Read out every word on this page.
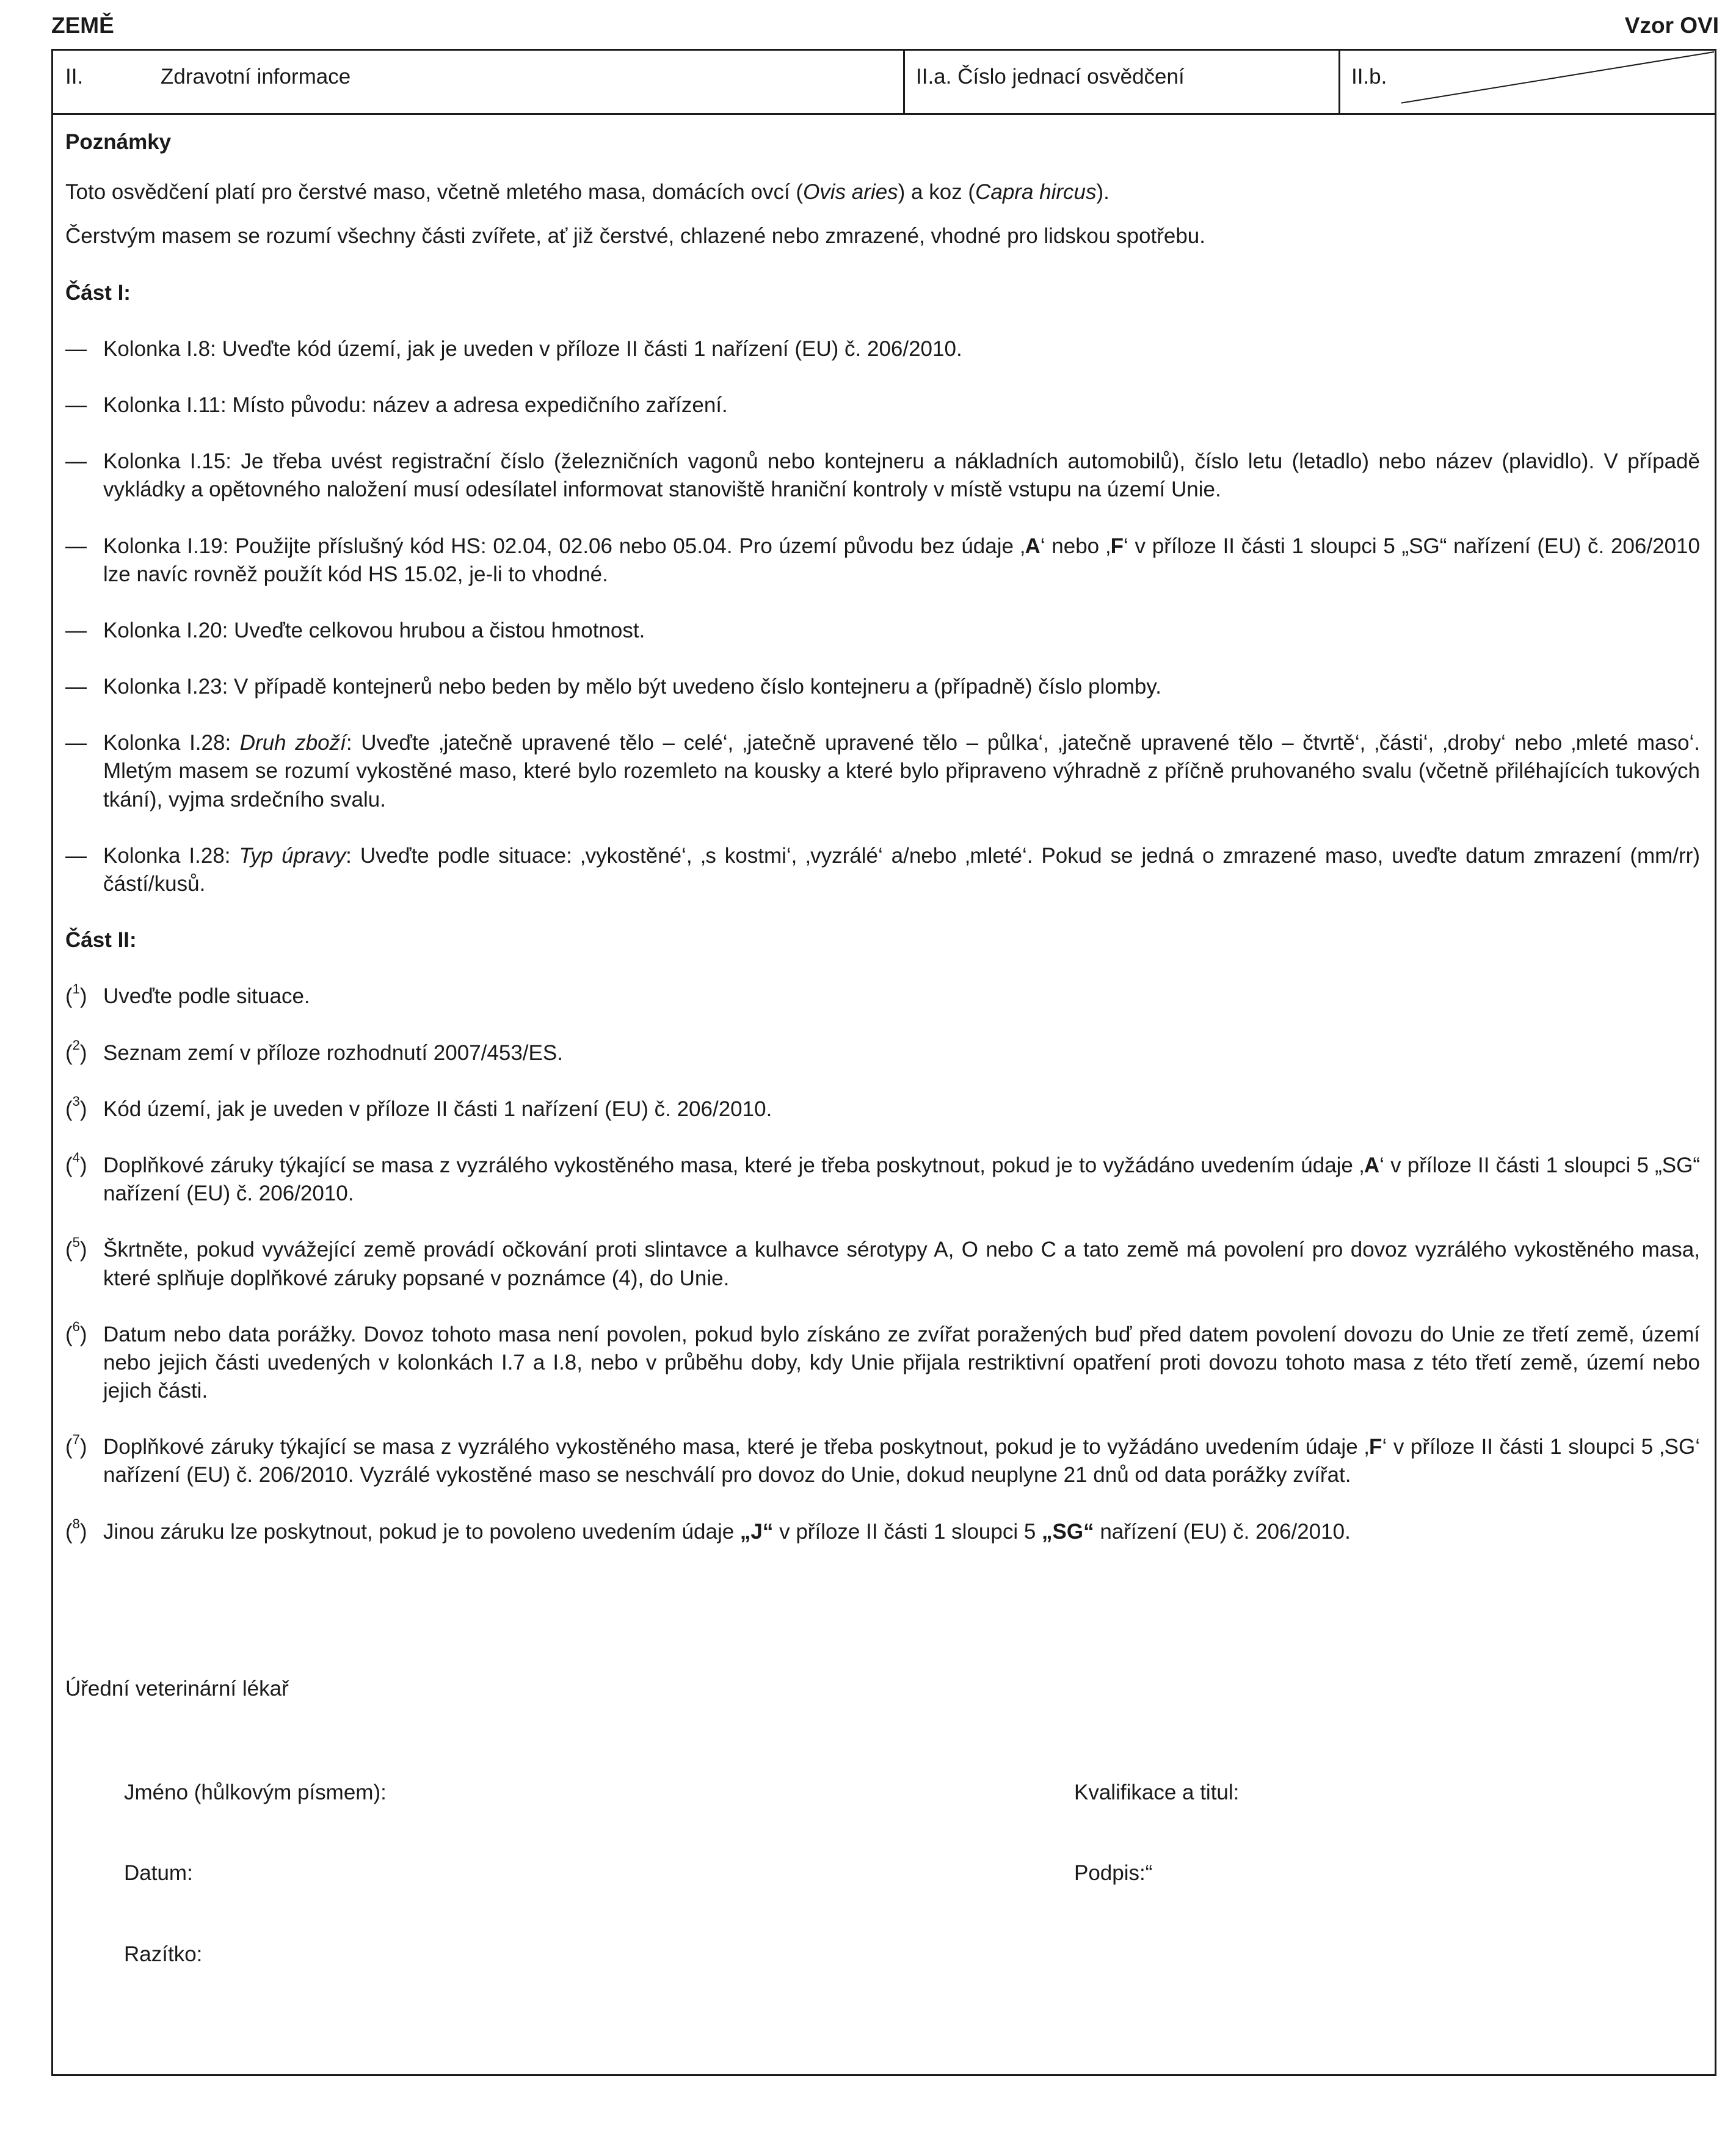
ZEMĚ	Vzor OVI
II.	Zdravotní informace	II.a. Číslo jednací osvědčení	II.b.

Poznámky

Toto osvědčení platí pro čerstvé maso, včetně mletého masa, domácích ovcí (Ovis aries) a koz (Capra hircus).

Čerstvým masem se rozumí všechny části zvířete, ať již čerstvé, chlazené nebo zmrazené, vhodné pro lidskou spotřebu.

Část I:

— Kolonka I.8: Uveďte kód území, jak je uveden v příloze II části 1 nařízení (EU) č. 206/2010.
— Kolonka I.11: Místo původu: název a adresa expedičního zařízení.
— Kolonka I.15: Je třeba uvést registrační číslo (železničních vagonů nebo kontejneru a nákladních automobilů), číslo letu (letadlo) nebo název (plavidlo). V případě vykládky a opětovného naložení musí odesílatel informovat stanoviště hraniční kontroly v místě vstupu na území Unie.
— Kolonka I.19: Použijte příslušný kód HS: 02.04, 02.06 nebo 05.04. Pro území původu bez údaje ‚A‘ nebo ‚F‘ v příloze II části 1 sloupci 5 „SG“ nařízení (EU) č. 206/2010 lze navíc rovněž použít kód HS 15.02, je-li to vhodné.
— Kolonka I.20: Uveďte celkovou hrubou a čistou hmotnost.
— Kolonka I.23: V případě kontejnerů nebo beden by mělo být uvedeno číslo kontejneru a (případně) číslo plomby.
— Kolonka I.28: Druh zboží: Uveďte ‚jatečně upravené tělo – celé‘, ‚jatečně upravené tělo – půlka‘, ‚jatečně upravené tělo – čtvrtě‘, ‚části‘, ‚droby‘ nebo ‚mleté maso‘. Mletým masem se rozumí vykostěné maso, které bylo rozemleto na kousky a které bylo připraveno výhradně z příčně pruhovaného svalu (včetně přiléhajících tukových tkání), vyjma srdečního svalu.
— Kolonka I.28: Typ úpravy: Uveďte podle situace: ‚vykostěné‘, ‚s kostmi‘, ‚vyzrálé‘ a/nebo ‚mleté‘. Pokud se jedná o zmrazené maso, uveďte datum zmrazení (mm/rr) částí/kusů.

Část II:

($^1$) Uveďte podle situace.
($^2$) Seznam zemí v příloze rozhodnutí 2007/453/ES.
($^3$) Kód území, jak je uveden v příloze II části 1 nařízení (EU) č. 206/2010.
($^4$) Doplňkové záruky týkající se masa z vyzrálého vykostěného masa, které je třeba poskytnout, pokud je to vyžádáno uvedením údaje ‚A‘ v příloze II části 1 sloupci 5 „SG“ nařízení (EU) č. 206/2010.
($^5$) Škrtněte, pokud vyvážející země provádí očkování proti slintavce a kulhavce sérotypy A, O nebo C a tato země má povolení pro dovoz vyzrálého vykostěného masa, které splňuje doplňkové záruky popsané v poznámce (4), do Unie.
($^6$) Datum nebo data porážky. Dovoz tohoto masa není povolen, pokud bylo získáno ze zvířat poražených buď před datem povolení dovozu do Unie ze třetí země, území nebo jejich části uvedených v kolonkách I.7 a I.8, nebo v průběhu doby, kdy Unie přijala restriktivní opatření proti dovozu tohoto masa z této třetí země, území nebo jejich části.
($^7$) Doplňkové záruky týkající se masa z vyzrálého vykostěného masa, které je třeba poskytnout, pokud je to vyžádáno uvedením údaje ‚F‘ v příloze II části 1 sloupci 5 ‚SG‘ nařízení (EU) č. 206/2010. Vyzrálé vykostěné maso se neschválí pro dovoz do Unie, dokud neuplyne 21 dnů od data porážky zvířat.
($^8$) Jinou záruku lze poskytnout, pokud je to povoleno uvedením údaje „J“ v příloze II části 1 sloupci 5 „SG“ nařízení (EU) č. 206/2010.
Úřední veterinární lékař
Jméno (hůlkovým písmem):	Kvalifikace a titul:
Datum:	Podpis:“
Razítko:
